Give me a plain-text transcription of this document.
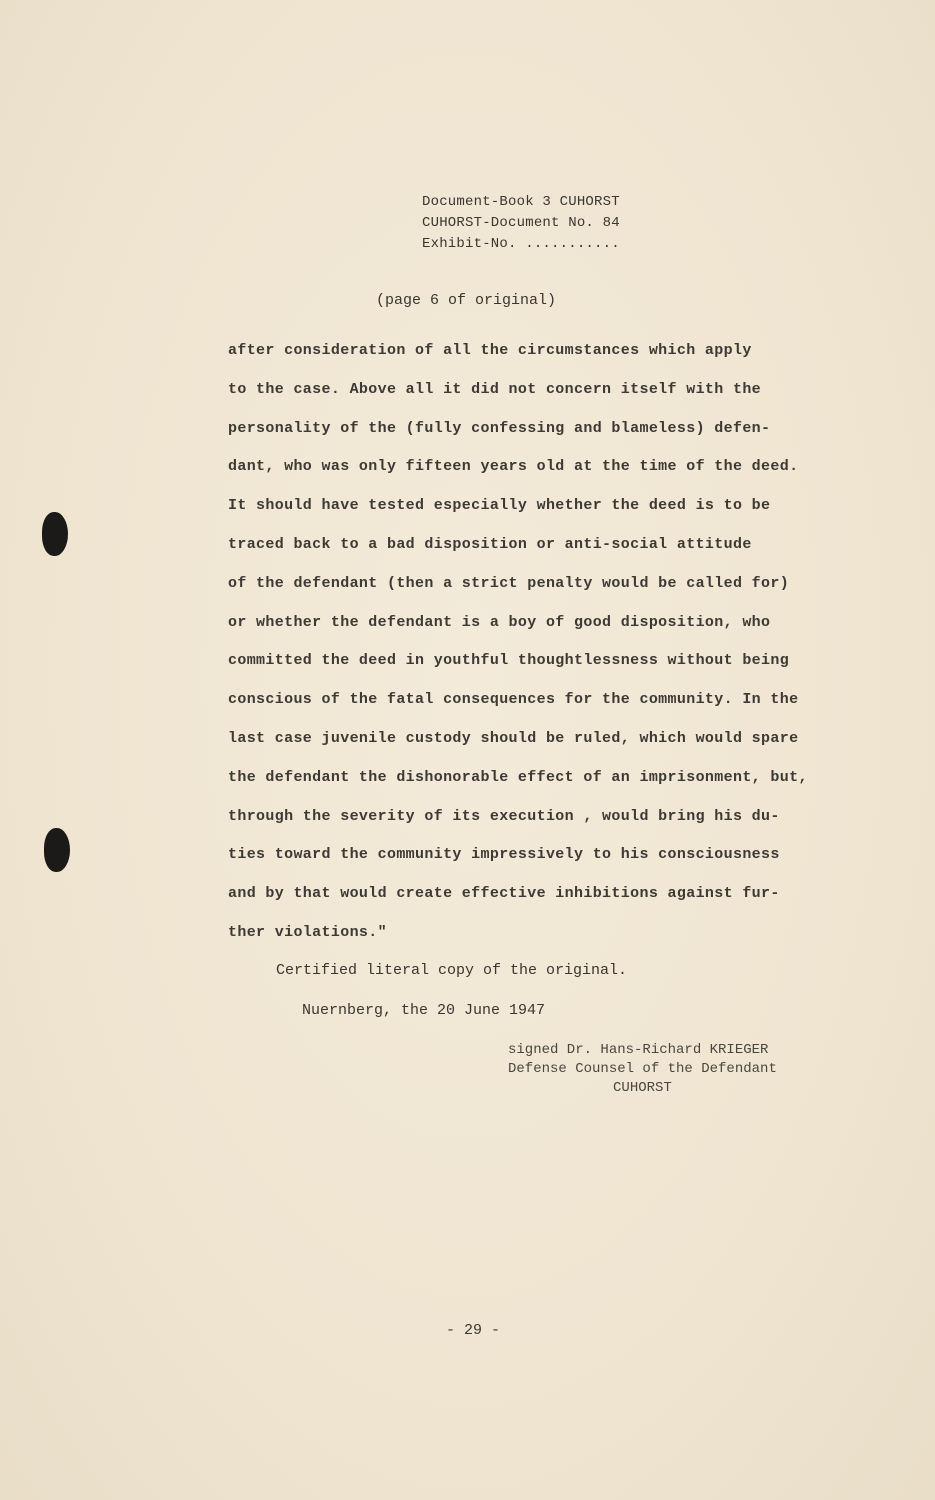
Document-Book 3 CUHORST
CUHORST-Document No. 84
Exhibit-No. ...........
(page 6 of original)
after consideration of all the circumstances which apply
to the case. Above all it did not concern itself with the
personality of the (fully confessing and blameless) defen-
dant, who was only fifteen years old at the time of the deed.
It should have tested especially whether the deed is to be
traced back to a bad disposition or anti-social attitude
of the defendant (then a strict penalty would be called for)
or whether the defendant is a boy of good disposition, who
committed the deed in youthful thoughtlessness without being
conscious of the fatal consequences for the community. In the
last case juvenile custody should be ruled, which would spare
the defendant the dishonorable effect of an imprisonment, but,
through the severity of its execution , would bring his du-
ties toward the community impressively to his consciousness
and by that would create effective inhibitions against fur-
ther violations."
Certified literal copy of the original.
Nuernberg, the 20 June 1947
signed Dr. Hans-Richard KRIEGER
Defense Counsel of the Defendant
CUHORST
- 29 -
